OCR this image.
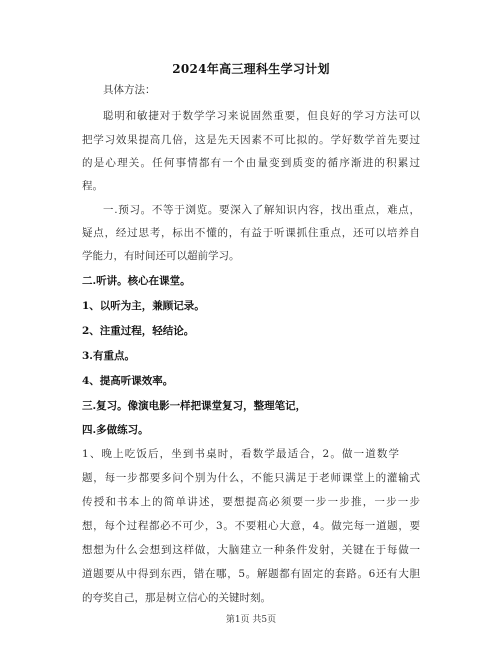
2024年高三理科生学习计划
具体方法：
聪明和敏捷对于数学学习来说固然重要，但良好的学习方法可以
把学习效果提高几倍，这是先天因素不可比拟的。学好数学首先要过
的是心理关。任何事情都有一个由量变到质变的循序渐进的积累过
程。
一.预习。不等于浏览。要深入了解知识内容，找出重点，难点，
疑点，经过思考，标出不懂的，有益于听课抓住重点，还可以培养自
学能力，有时间还可以超前学习。
二.听讲。核心在课堂。
1、以听为主，兼顾记录。
2、注重过程，轻结论。
3.有重点。
4、提高听课效率。
三.复习。像演电影一样把课堂复习，整理笔记，
四.多做练习。
1、晚上吃饭后，坐到书桌时，看数学最适合，2。做一道数学
题，每一步都要多问个别为什么，不能只满足于老师课堂上的灌输式
传授和书本上的简单讲述，要想提高必须要一步一步推，一步一步
想，每个过程都必不可少，3。不要粗心大意，4。做完每一道题，要
想想为什么会想到这样做，大脑建立一种条件发射，关键在于每做一
道题要从中得到东西，错在哪，5。解题都有固定的套路。6还有大胆
的夸奖自己，那是树立信心的关键时刻。
第1页 共5页
